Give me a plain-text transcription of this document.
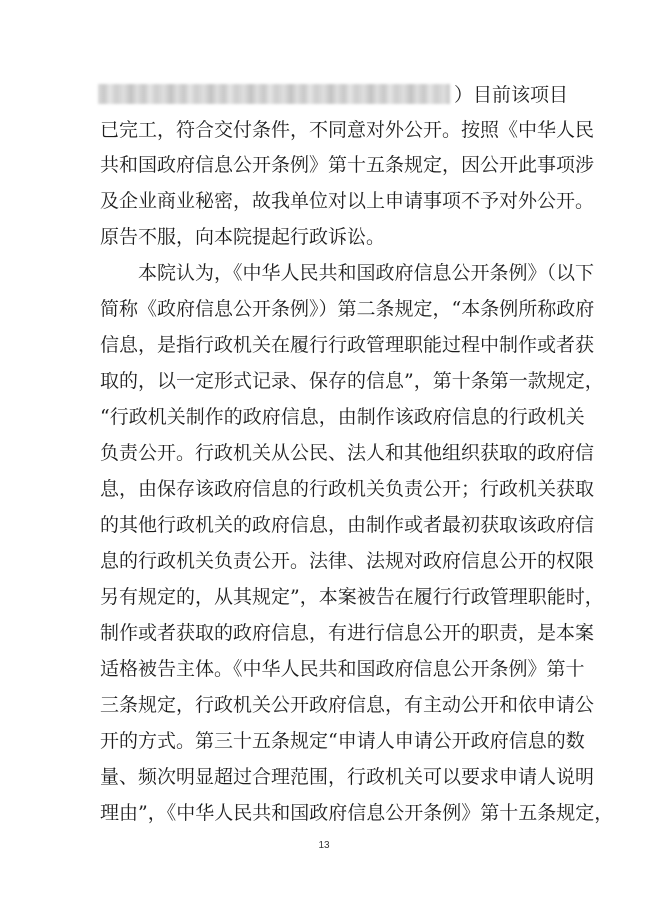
）目前该项目
已完工，符合交付条件，不同意对外公开。按照《中华人民
共和国政府信息公开条例》第十五条规定，因公开此事项涉
及企业商业秘密，故我单位对以上申请事项不予对外公开。
原告不服，向本院提起行政诉讼。
本院认为，《中华人民共和国政府信息公开条例》（以下
简称《政府信息公开条例》）第二条规定，“本条例所称政府
信息，是指行政机关在履行行政管理职能过程中制作或者获
取的，以一定形式记录、保存的信息”，第十条第一款规定，
“行政机关制作的政府信息，由制作该政府信息的行政机关
负责公开。行政机关从公民、法人和其他组织获取的政府信
息，由保存该政府信息的行政机关负责公开；行政机关获取
的其他行政机关的政府信息，由制作或者最初获取该政府信
息的行政机关负责公开。法律、法规对政府信息公开的权限
另有规定的，从其规定”，本案被告在履行行政管理职能时，
制作或者获取的政府信息，有进行信息公开的职责，是本案
适格被告主体。《中华人民共和国政府信息公开条例》第十
三条规定，行政机关公开政府信息，有主动公开和依申请公
开的方式。第三十五条规定“申请人申请公开政府信息的数
量、频次明显超过合理范围，行政机关可以要求申请人说明
理由”，《中华人民共和国政府信息公开条例》第十五条规定，
13
